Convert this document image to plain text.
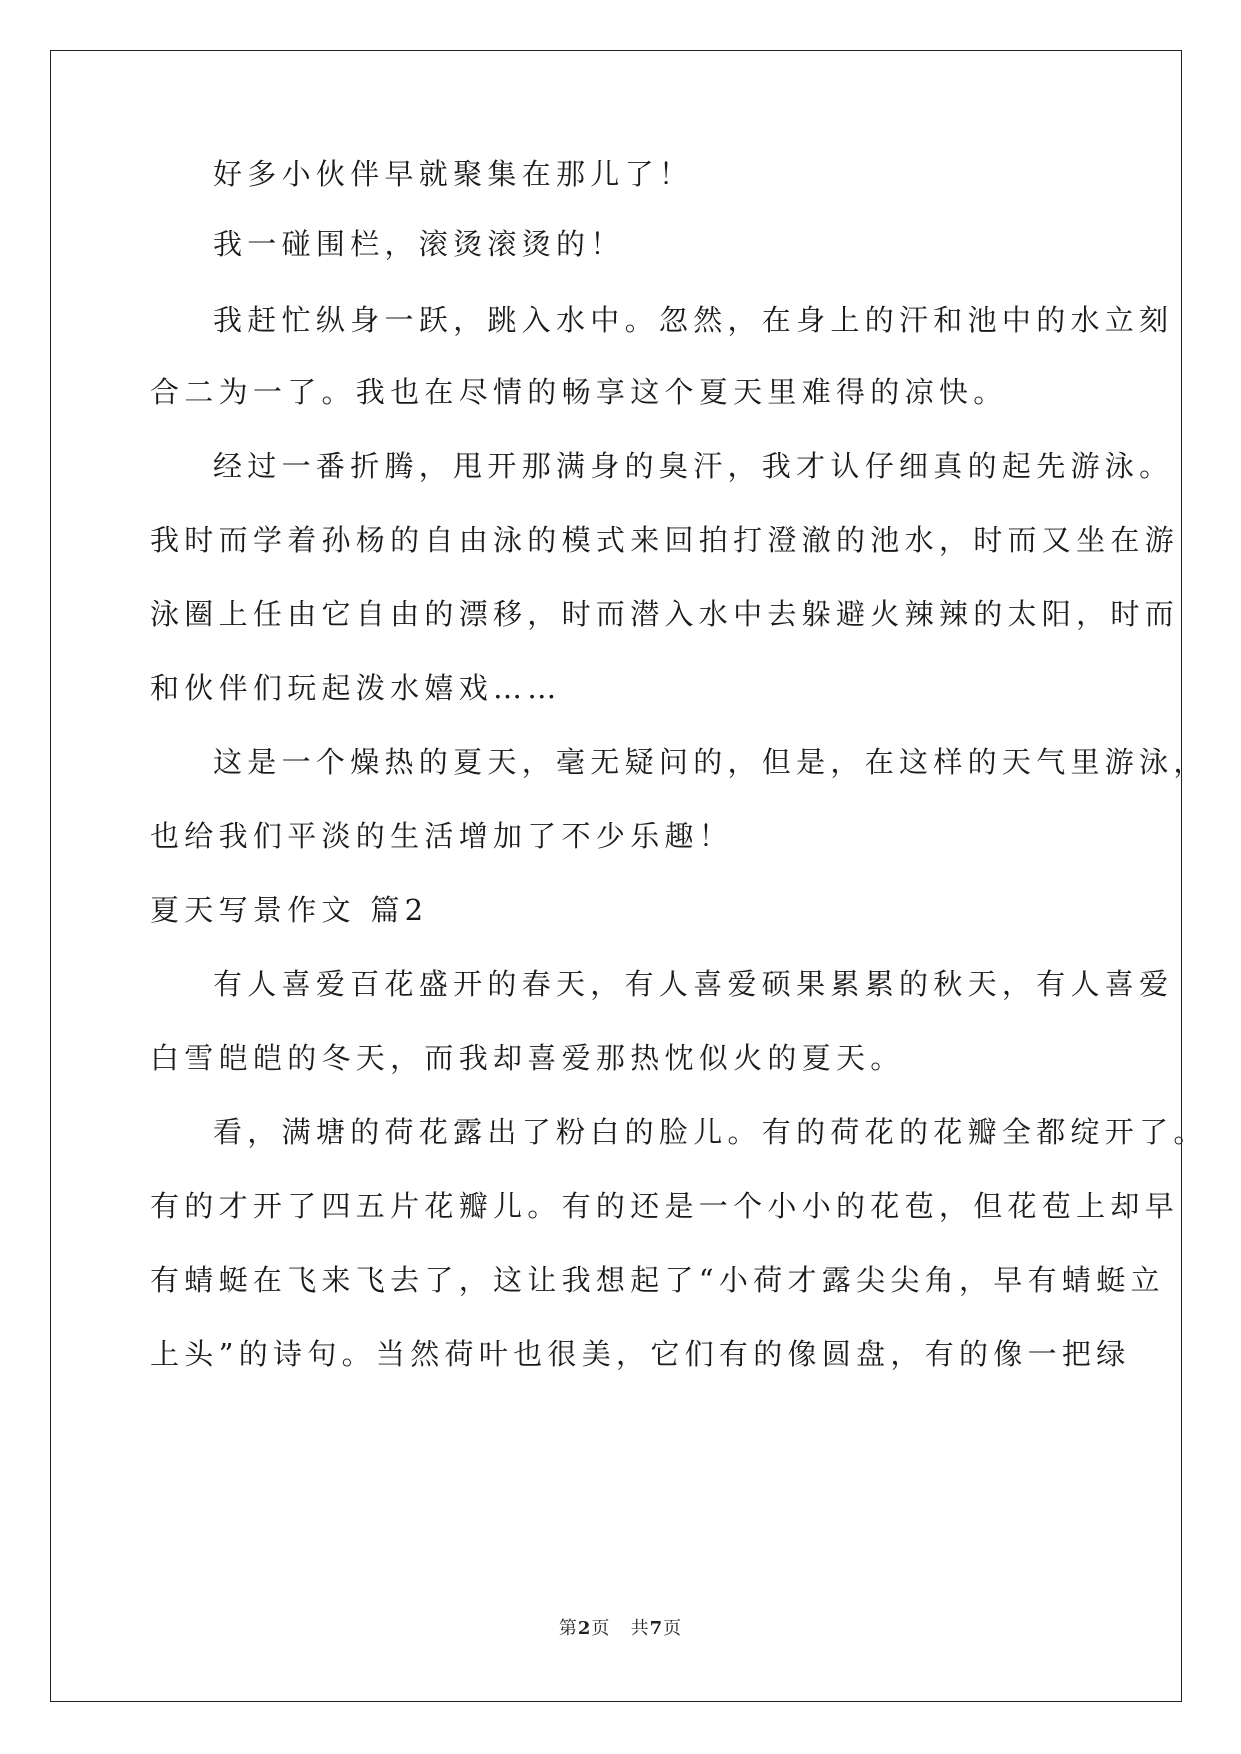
好多小伙伴早就聚集在那儿了！
我一碰围栏，滚烫滚烫的！
我赶忙纵身一跃，跳入水中。忽然，在身上的汗和池中的水立刻
合二为一了。我也在尽情的畅享这个夏天里难得的凉快。
经过一番折腾，甩开那满身的臭汗，我才认仔细真的起先游泳。
我时而学着孙杨的自由泳的模式来回拍打澄澈的池水，时而又坐在游
泳圈上任由它自由的漂移，时而潜入水中去躲避火辣辣的太阳，时而
和伙伴们玩起泼水嬉戏……
这是一个燥热的夏天，毫无疑问的，但是，在这样的天气里游泳，
也给我们平淡的生活增加了不少乐趣！
夏天写景作文 篇2
有人喜爱百花盛开的春天，有人喜爱硕果累累的秋天，有人喜爱
白雪皑皑的冬天，而我却喜爱那热忱似火的夏天。
看，满塘的荷花露出了粉白的脸儿。有的荷花的花瓣全都绽开了。
有的才开了四五片花瓣儿。有的还是一个小小的花苞，但花苞上却早
有蜻蜓在飞来飞去了，这让我想起了“小荷才露尖尖角，早有蜻蜓立
上头”的诗句。当然荷叶也很美，它们有的像圆盘，有的像一把绿
第2页 共7页
